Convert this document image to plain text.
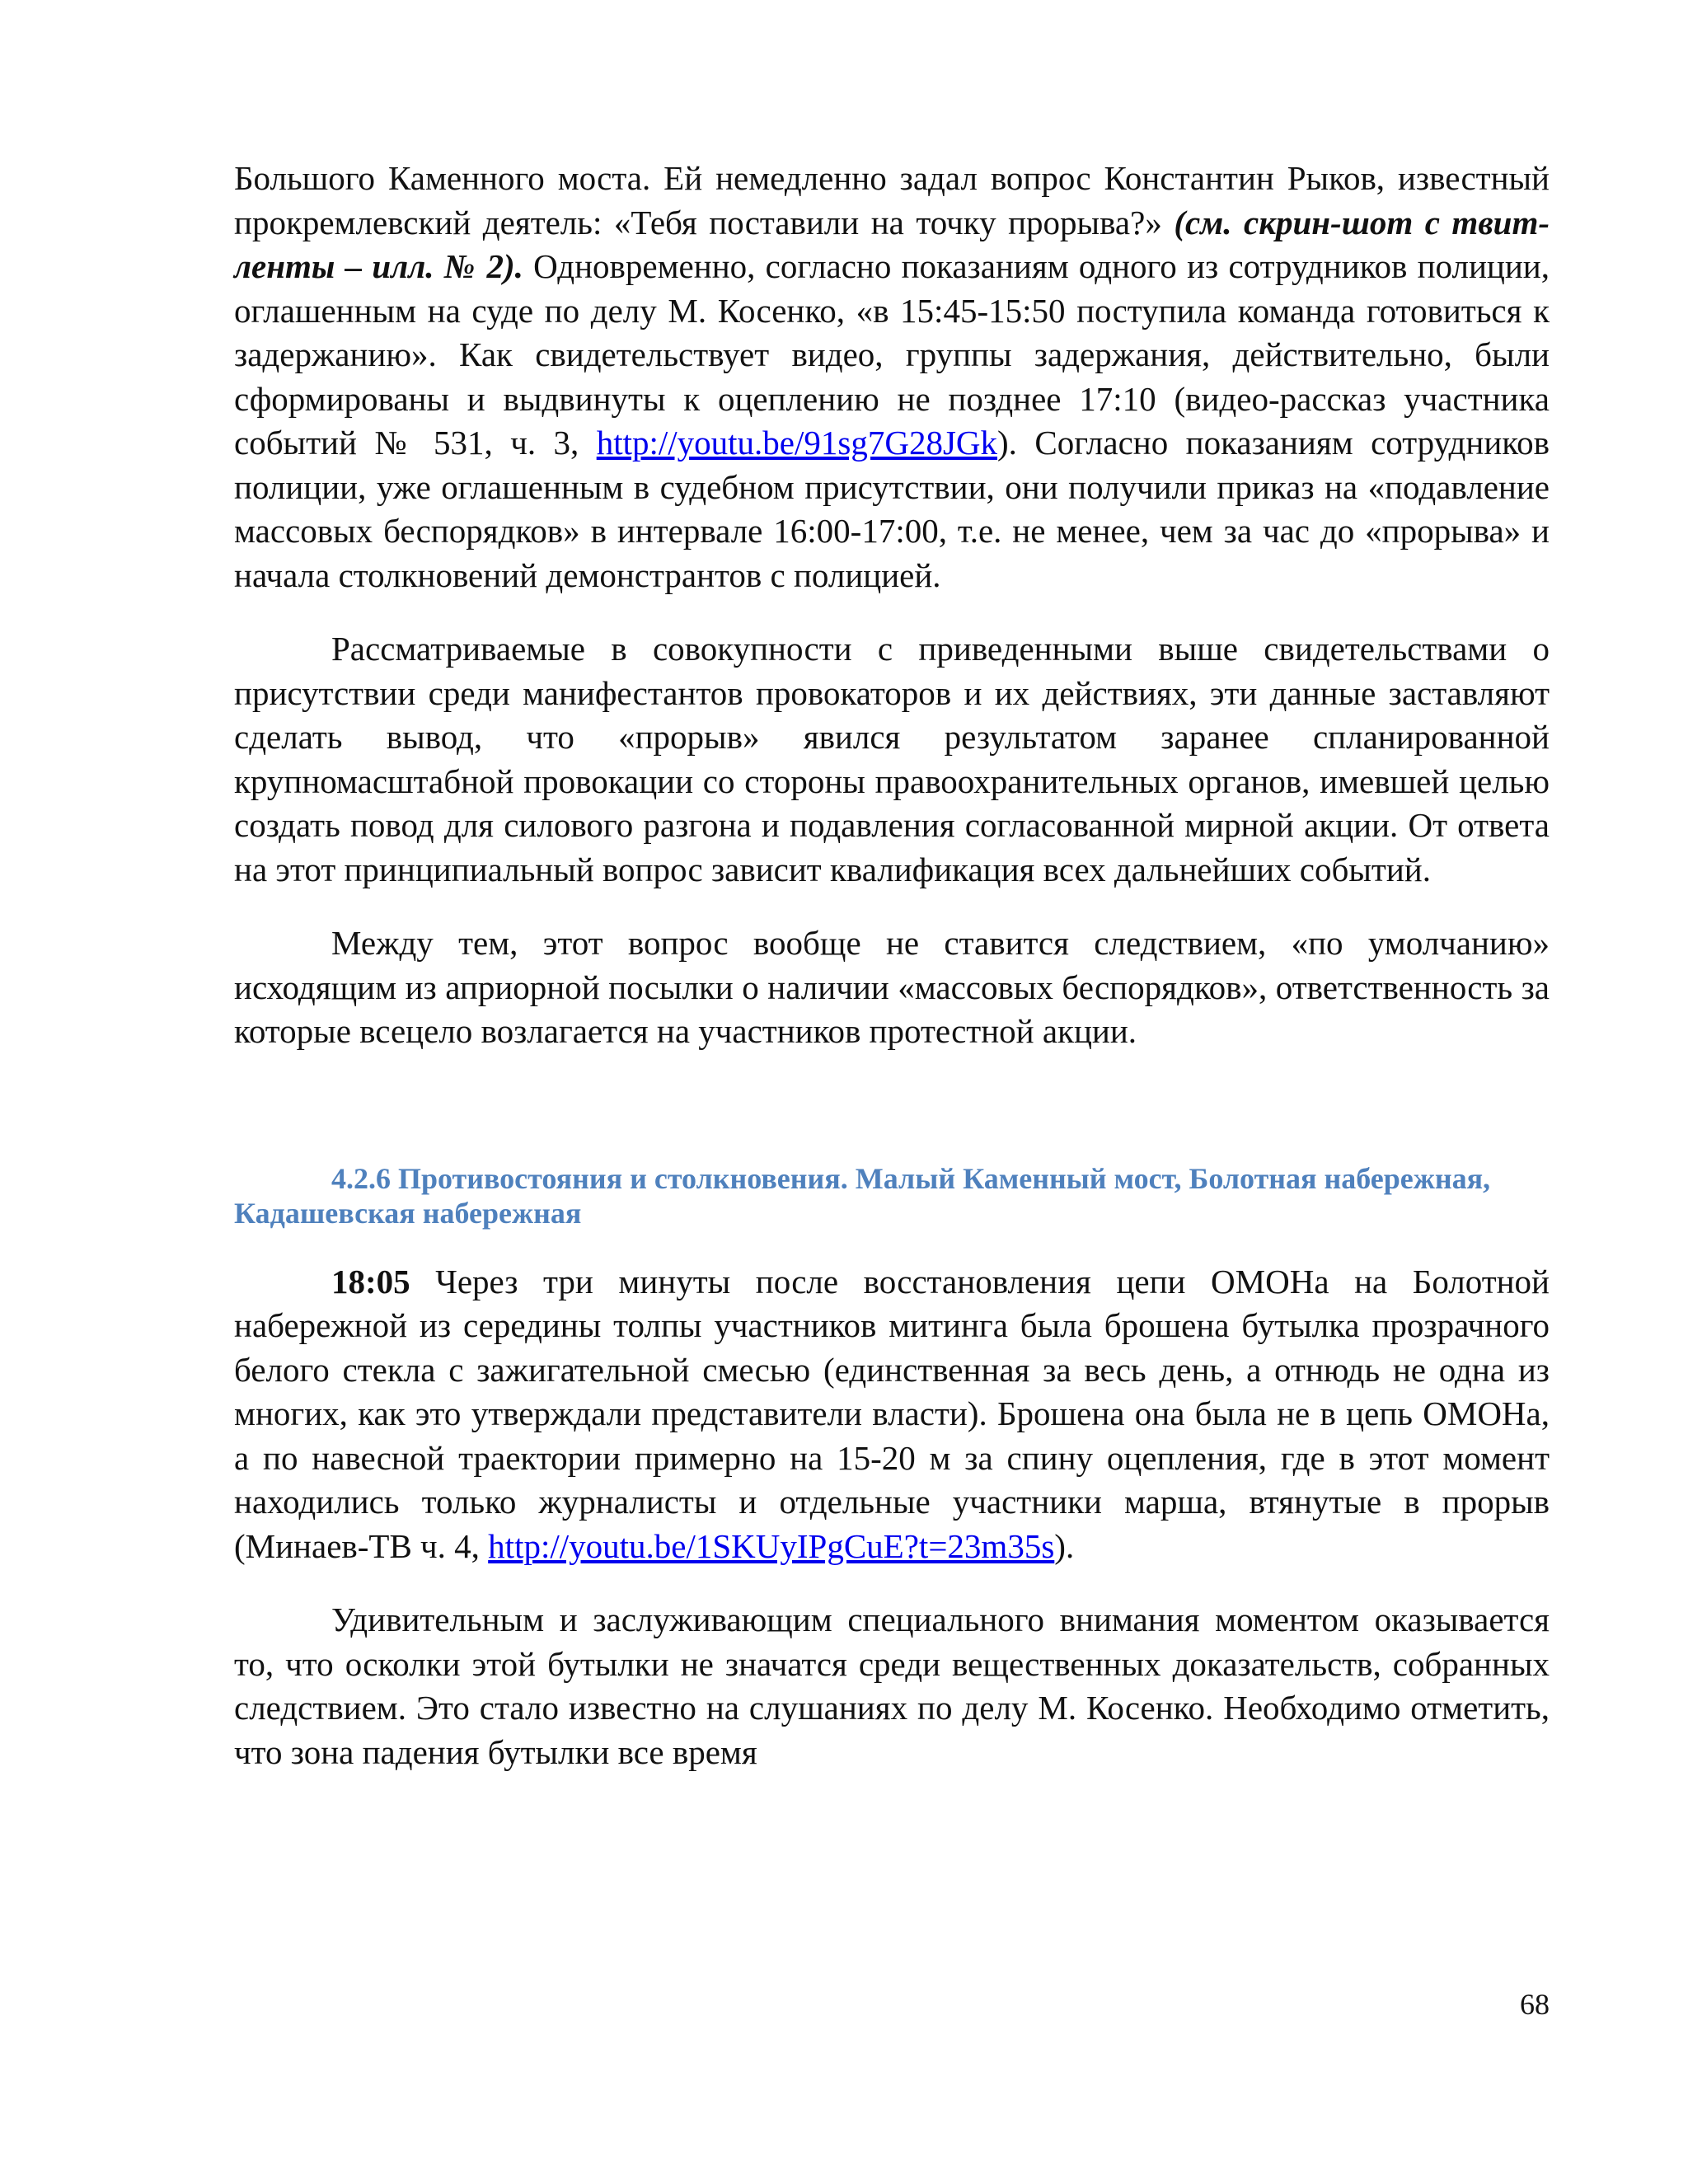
Большого Каменного моста. Ей немедленно задал вопрос Константин Рыков, известный прокремлевский деятель: «Тебя поставили на точку прорыва?» (см. скрин-шот с твит-ленты – илл. № 2). Одновременно, согласно показаниям одного из сотрудников полиции, оглашенным на суде по делу М. Косенко, «в 15:45-15:50 поступила команда готовиться к задержанию». Как свидетельствует видео, группы задержания, действительно, были сформированы и выдвинуты к оцеплению не позднее 17:10 (видео-рассказ участника событий № 531, ч. 3, http://youtu.be/91sg7G28JGk). Согласно показаниям сотрудников полиции, уже оглашенным в судебном присутствии, они получили приказ на «подавление массовых беспорядков» в интервале 16:00-17:00, т.е. не менее, чем за час до «прорыва» и начала столкновений демонстрантов с полицией.

Рассматриваемые в совокупности с приведенными выше свидетельствами о присутствии среди манифестантов провокаторов и их действиях, эти данные заставляют сделать вывод, что «прорыв» явился результатом заранее спланированной крупномасштабной провокации со стороны правоохранительных органов, имевшей целью создать повод для силового разгона и подавления согласованной мирной акции. От ответа на этот принципиальный вопрос зависит квалификация всех дальнейших событий.

Между тем, этот вопрос вообще не ставится следствием, «по умолчанию» исходящим из априорной посылки о наличии «массовых беспорядков», ответственность за которые всецело возлагается на участников протестной акции.

4.2.6 Противостояния и столкновения. Малый Каменный мост, Болотная набережная, Кадашевская набережная

18:05 Через три минуты после восстановления цепи ОМОНа на Болотной набережной из середины толпы участников митинга была брошена бутылка прозрачного белого стекла с зажигательной смесью (единственная за весь день, а отнюдь не одна из многих, как это утверждали представители власти). Брошена она была не в цепь ОМОНа, а по навесной траектории примерно на 15-20 м за спину оцепления, где в этот момент находились только журналисты и отдельные участники марша, втянутые в прорыв (Минаев-ТВ ч. 4, http://youtu.be/1SKUyIPgCuE?t=23m35s).

Удивительным и заслуживающим специального внимания моментом оказывается то, что осколки этой бутылки не значатся среди вещественных доказательств, собранных следствием. Это стало известно на слушаниях по делу М. Косенко. Необходимо отметить, что зона падения бутылки все время

68
